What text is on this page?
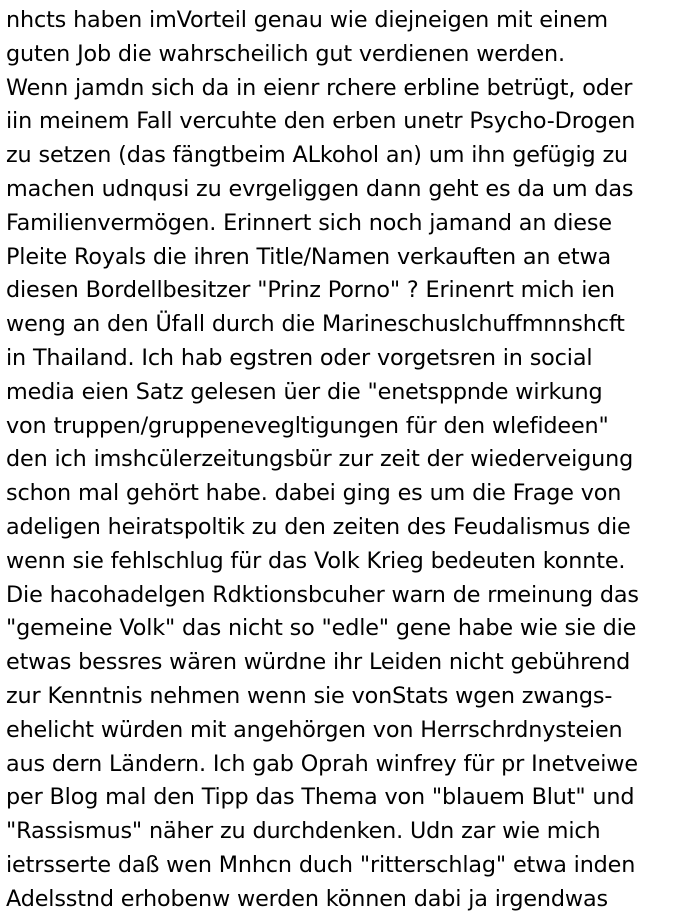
nhcts haben imVorteil genau wie diejneigen mit einem
guten Job die wahrscheilich gut verdienen werden.
Wenn jamdn sich da in eienr rchere erbline betrügt, oder
iin meinem Fall vercuhte den erben unetr Psycho-Drogen
zu setzen (das fängtbeim ALkohol an) um ihn gefügig zu
machen udnqusi zu evrgeliggen dann geht es da um das
Familienvermögen. Erinnert sich noch jamand an diese
Pleite Royals die ihren Title/Namen verkauften an etwa
diesen Bordellbesitzer "Prinz Porno" ? Erinenrt mich ien
weng an den Üfall durch die Marineschuslchuffmnnshcft
in Thailand. Ich hab egstren oder vorgetsren in social
media eien Satz gelesen üer die "enetsppnde wirkung
von truppen/gruppenevegltigungen für den wlefideen"
den ich imshcülerzeitungsbür zur zeit der wiederveigung
schon mal gehört habe. dabei ging es um die Frage von
adeligen heiratspoltik zu den zeiten des Feudalismus die
wenn sie fehlschlug für das Volk Krieg bedeuten konnte.
Die hacohadelgen Rdktionsbcuher warn de rmeinung das
"gemeine Volk" das nicht so "edle" gene habe wie sie die
etwas bessres wären würdne ihr Leiden nicht gebührend
zur Kenntnis nehmen wenn sie vonStats wgen zwangs-
ehelicht würden mit angehörgen von Herrschrdnysteien
aus dern Ländern. Ich gab Oprah winfrey für pr Inetveiwe
per Blog mal den Tipp das Thema von "blauem Blut" und
"Rassismus" näher zu durchdenken. Udn zar wie mich
ietrsserte daß wen Mnhcn duch "ritterschlag" etwa inden
Adelsstnd erhobenw werden können dabi ja irgendwas
